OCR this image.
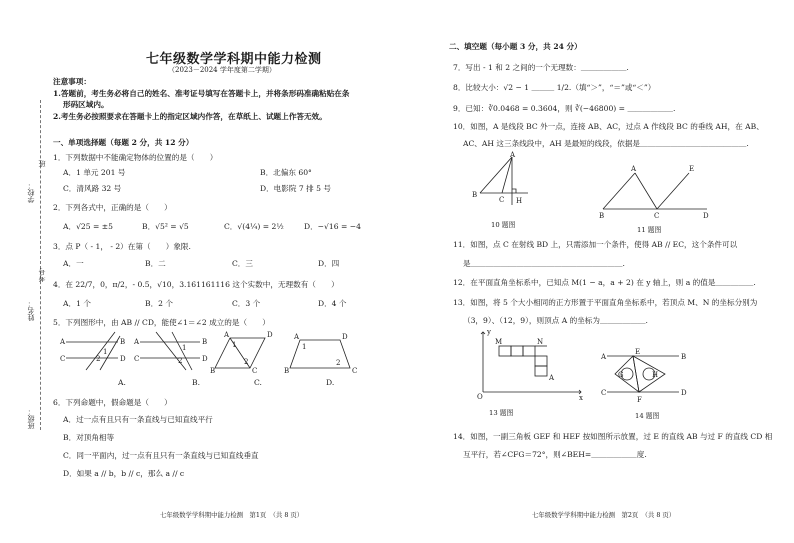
学校：
班
姓名：
考号
班级：
七年级数学学科期中能力检测
（2023－2024 学年度第二学期）
注意事项：
1.答题前，考生务必将自己的姓名、准考证号填写在答题卡上，并将条形码准确粘贴在条
形码区域内。
2.考生务必按照要求在答题卡上的指定区域内作答，在草纸上、试题上作答无效。
一、单项选择题（每题 2 分，共 12 分）
1．下列数据中不能确定物体的位置的是（　　）
A．1 单元 201 号	B．北偏东 60°
C．清风路 32 号	D．电影院 7 排 5 号
2．下列各式中，正确的是（　　）
A．√25 = ±5	B．√5² = √5	C．√(4¼) = 2½	D．−√16 = −4
3．点 P（ - 1， - 2）在第（　　）象限.
A．一	B．二	C．三	D．四
4．在 22/7，0，π/2，- 0.5，√10，3.161161116 这个实数中，无理数有（　　）
A．1 个	B．2 个	C．3 个	D．4 个
5．下列图形中，由 AB // CD，能使∠1＝∠2 成立的是（　　）
A
C
B
D
1
2
A
C
B
D
1
2
A	D
B	C
1
2
A	D
B	C
1
2
A.	B.	C.	D.
6．下列命题中，假命题是（　　）
A．过一点有且只有一条直线与已知直线平行
B．对顶角相等
C．同一平面内，过一点有且只有一条直线与已知直线垂直
D．如果 a // b，b // c，那么 a // c
七年级数学学科期中能力检测　第1页　（共 8 页）
二、填空题（每小题 3 分，共 24 分）
7．写出 - 1 和 2 之间的一个无理数：＿＿＿＿＿＿.
8．比较大小：√2 − 1 ＿＿＿ 1/2.（填“＞”，“＝”或“＜”）
9．已知：∛0.0468 = 0.3604，则 ∛(−46800) = ＿＿＿＿＿＿.
10．如图，A 是线段 BC 外一点，连接 AB、AC，过点 A 作线段 BC 的垂线 AH，在 AB、
AC、AH 这三条线段中，AH 是最短的线段，依据是＿＿＿＿＿＿＿＿＿＿＿＿＿＿.
A
B
C H
10 题图
A	E
B	C	D
11 题图
11．如图，点 C 在射线 BD 上，只需添加一个条件，使得 AB // EC，这个条件可以
是＿＿＿＿＿＿＿＿＿＿＿＿＿＿＿＿＿＿＿＿.
12．在平面直角坐标系中，已知点 M(1 − a，a + 2) 在 y 轴上，则 a 的值是＿＿＿＿＿.
13．如图，将 5 个大小相同的正方形置于平面直角坐标系中，若顶点 M、N 的坐标分别为
（3，9）、（12，9），则顶点 A 的坐标为＿＿＿＿＿＿.
y
M	N
A
O	x
13 题图
E
G	H
A	B
C	D
F
14 题图
14．如图，一副三角板 GEF 和 HEF 按如图所示放置，过 E 的直线 AB 与过 F 的直线 CD 相
互平行，若∠CFG＝72°，则∠BEH=＿＿＿＿＿＿度.
七年级数学学科期中能力检测　第2页　（共 8 页）
